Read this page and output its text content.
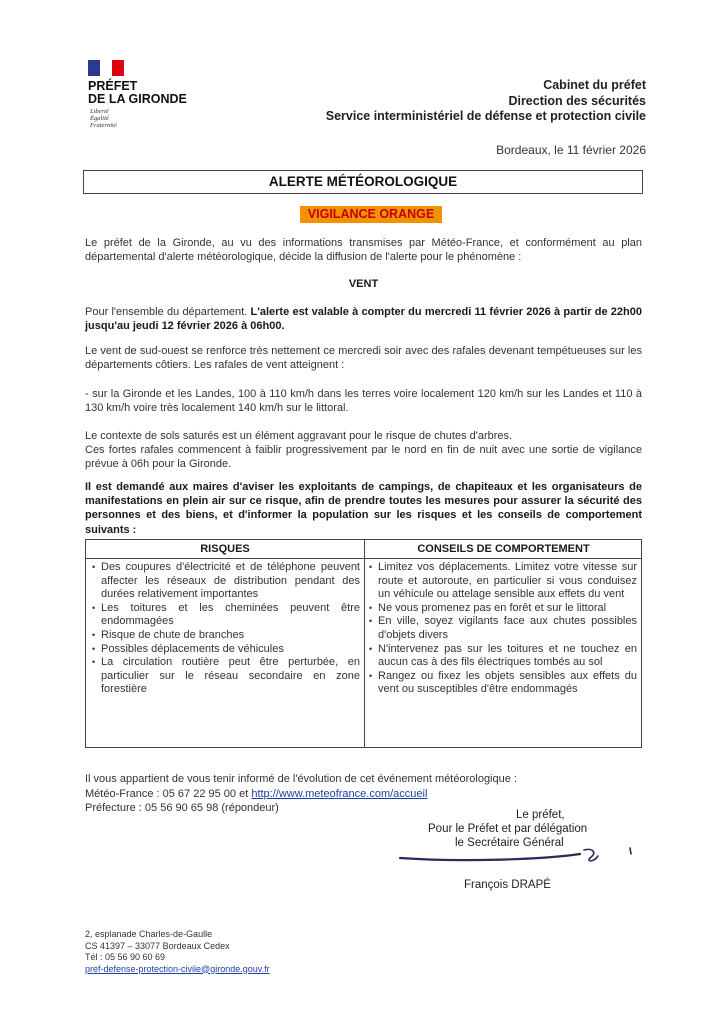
PRÉFET
DE LA GIRONDE
Liberté
Égalité
Fraternité
Cabinet du préfet
Direction des sécurités
Service interministériel de défense et protection civile
Bordeaux, le 11 février 2026
ALERTE MÉTÉOROLOGIQUE
VIGILANCE ORANGE
Le préfet de la Gironde, au vu des informations transmises par Météo-France, et conformément au plan départemental d'alerte météorologique, décide la diffusion de l'alerte pour le phénomène :
VENT
Pour l'ensemble du département. L'alerte est valable à compter du mercredi 11 février 2026 à partir de 22h00 jusqu'au jeudi 12 février 2026 à 06h00.
Le vent de sud-ouest se renforce très nettement ce mercredi soir avec des rafales devenant tempétueuses sur les départements côtiers. Les rafales de vent atteignent :
- sur la Gironde et les Landes, 100 à 110 km/h dans les terres voire localement 120 km/h sur les Landes et 110 à 130 km/h voire très localement 140 km/h sur le littoral.
Le contexte de sols saturés est un élément aggravant pour le risque de chutes d'arbres.
Ces fortes rafales commencent à faiblir progressivement par le nord en fin de nuit avec une sortie de vigilance prévue à 06h pour la Gironde.
Il est demandé aux maires d'aviser les exploitants de campings, de chapiteaux et les organisateurs de manifestations en plein air sur ce risque, afin de prendre toutes les mesures pour assurer la sécurité des personnes et des biens, et d'informer la population sur les risques et les conseils de comportement suivants :
RISQUES	CONSEILS DE COMPORTEMENT
• Des coupures d'électricité et de téléphone peuvent affecter les réseaux de distribution pendant des durées relativement importantes
• Les toitures et les cheminées peuvent être endommagées
• Risque de chute de branches
• Possibles déplacements de véhicules
• La circulation routière peut être perturbée, en particulier sur le réseau secondaire en zone forestière
• Limitez vos déplacements. Limitez votre vitesse sur route et autoroute, en particulier si vous conduisez un véhicule ou attelage sensible aux effets du vent
• Ne vous promenez pas en forêt et sur le littoral
• En ville, soyez vigilants face aux chutes possibles d'objets divers
• N'intervenez pas sur les toitures et ne touchez en aucun cas à des fils électriques tombés au sol
• Rangez ou fixez les objets sensibles aux effets du vent ou susceptibles d'être endommagés
Il vous appartient de vous tenir informé de l'évolution de cet événement météorologique :
Météo-France : 05 67 22 95 00 et http://www.meteofrance.com/accueil
Préfecture : 05 56 90 65 98 (répondeur)
Le préfet,
Pour le Préfet et par délégation
le Secrétaire Général
François DRAPÉ
2, esplanade Charles-de-Gaulle
CS 41397 – 33077 Bordeaux Cedex
Tél : 05 56 90 60 69
pref-defense-protection-civile@gironde.gouv.fr
